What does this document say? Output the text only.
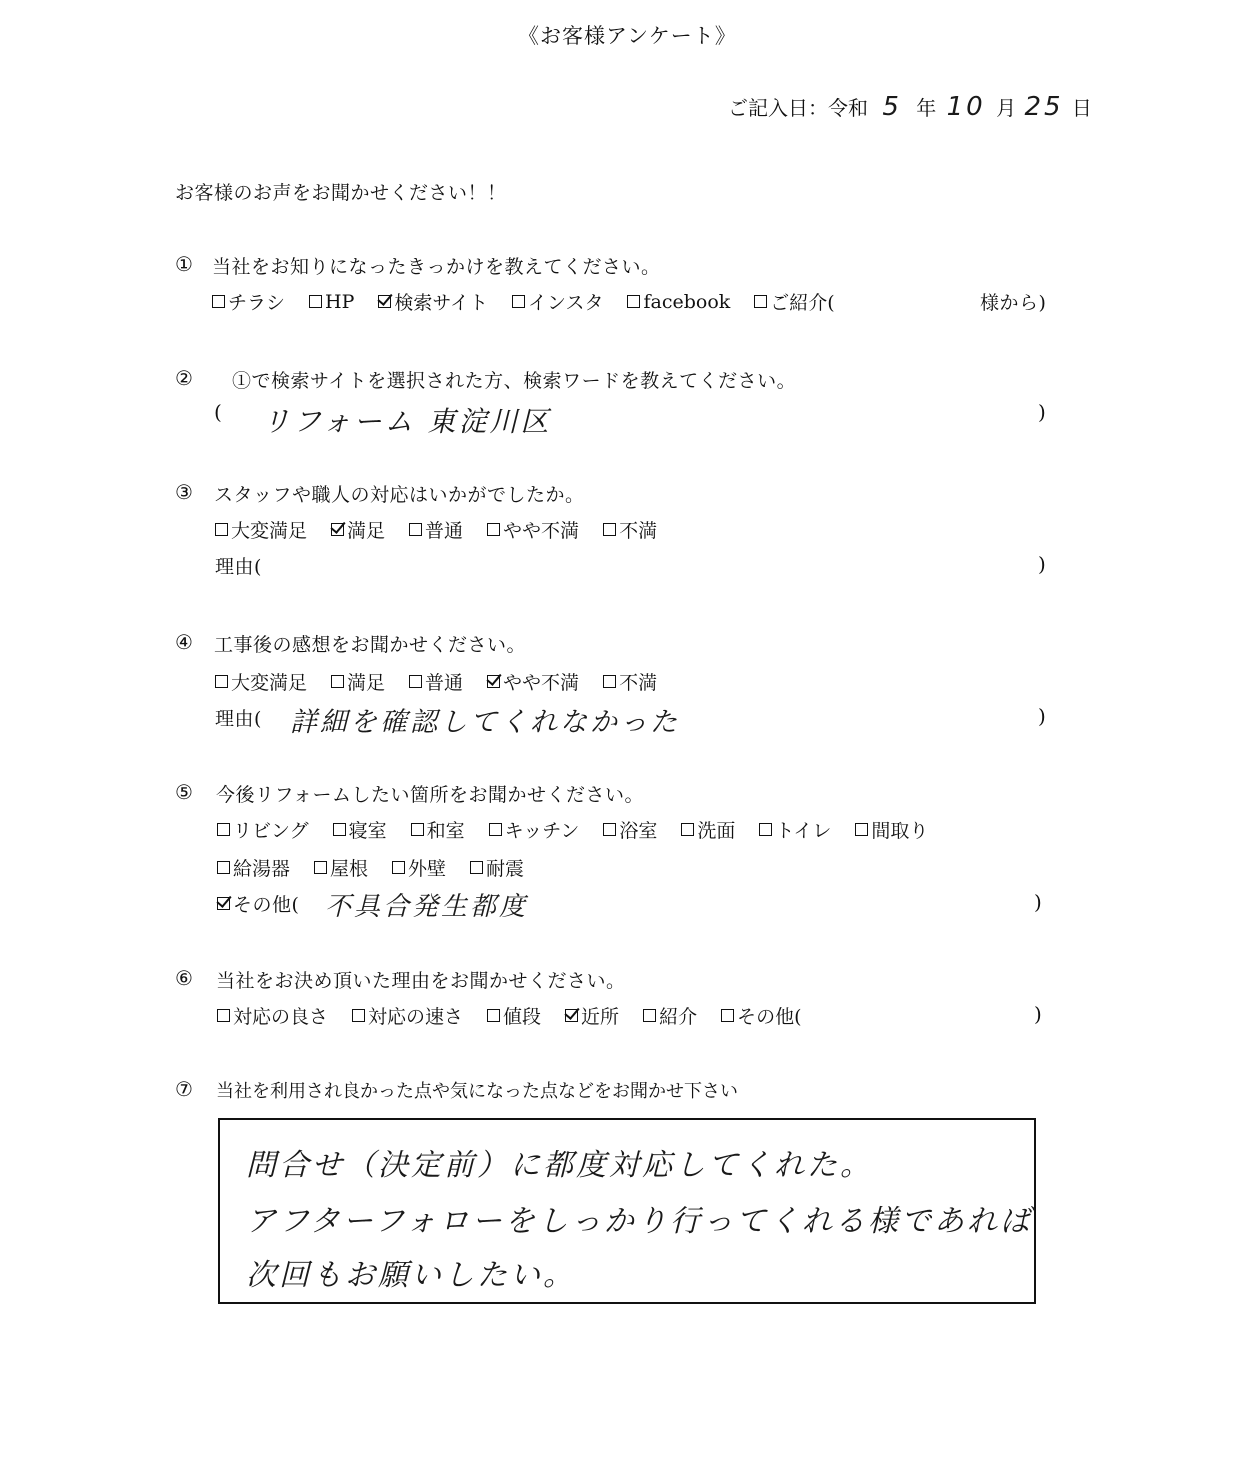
《お客様アンケート》
ご記入日：令和 5 年 10 月 25 日
お客様のお声をお聞かせください！！
① 当社をお知りになったきっかけを教えてください。
チラシ HP 検索サイト インスタ facebook ご紹介(	様から)
② ①で検索サイトを選択された方、検索ワードを教えてください。
( リフォーム 東淀川区	)
③ スタッフや職人の対応はいかがでしたか。
大変満足 満足 普通 やや不満 不満
理由(	)
④ 工事後の感想をお聞かせください。
大変満足 満足 普通 やや不満 不満
理由( 詳細を確認してくれなかった	)
⑤ 今後リフォームしたい箇所をお聞かせください。
リビング 寝室 和室 キッチン 浴室 洗面 トイレ 間取り
給湯器 屋根 外壁 耐震
その他( 不具合発生都度	)
⑥ 当社をお決め頂いた理由をお聞かせください。
対応の良さ 対応の速さ 値段 近所 紹介 その他(	)
⑦ 当社を利用され良かった点や気になった点などをお聞かせ下さい
問合せ（決定前）に都度対応してくれた。
アフターフォローをしっかり行ってくれる様であれば
次回もお願いしたい。
